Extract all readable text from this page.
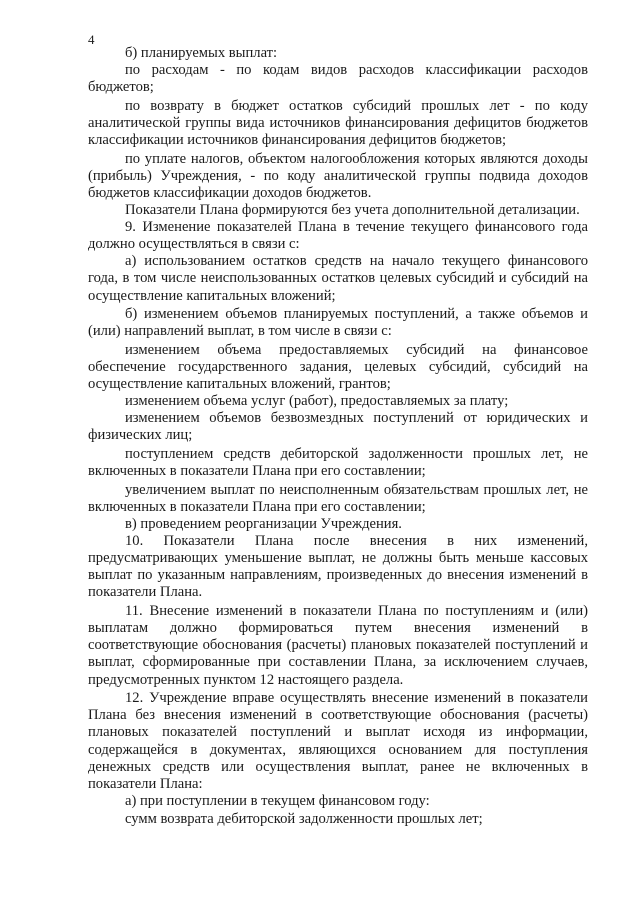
4

б) планируемых выплат:

по расходам - по кодам видов расходов классификации расходов бюджетов;

по возврату в бюджет остатков субсидий прошлых лет - по коду аналитической группы вида источников финансирования дефицитов бюджетов классификации источников финансирования дефицитов бюджетов;

по уплате налогов, объектом налогообложения которых являются доходы (прибыль) Учреждения, - по коду аналитической группы подвида доходов бюджетов классификации доходов бюджетов.

Показатели Плана формируются без учета дополнительной детализации.

9. Изменение показателей Плана в течение текущего финансового года должно осуществляться в связи с:

а) использованием остатков средств на начало текущего финансового года, в том числе неиспользованных остатков целевых субсидий и субсидий на осуществление капитальных вложений;

б) изменением объемов планируемых поступлений, а также объемов и (или) направлений выплат, в том числе в связи с:

изменением объема предоставляемых субсидий на финансовое обеспечение государственного задания, целевых субсидий, субсидий на осуществление капитальных вложений, грантов;

изменением объема услуг (работ), предоставляемых за плату;

изменением объемов безвозмездных поступлений от юридических и физических лиц;

поступлением средств дебиторской задолженности прошлых лет, не включенных в показатели Плана при его составлении;

увеличением выплат по неисполненным обязательствам прошлых лет, не включенных в показатели Плана при его составлении;

в) проведением реорганизации Учреждения.

10. Показатели Плана после внесения в них изменений, предусматривающих уменьшение выплат, не должны быть меньше кассовых выплат по указанным направлениям, произведенных до внесения изменений в показатели Плана.

11. Внесение изменений в показатели Плана по поступлениям и (или) выплатам должно формироваться путем внесения изменений в соответствующие обоснования (расчеты) плановых показателей поступлений и выплат, сформированные при составлении Плана, за исключением случаев, предусмотренных пунктом 12 настоящего раздела.

12. Учреждение вправе осуществлять внесение изменений в показатели Плана без внесения изменений в соответствующие обоснования (расчеты) плановых показателей поступлений и выплат исходя из информации, содержащейся в документах, являющихся основанием для поступления денежных средств или осуществления выплат, ранее не включенных в показатели Плана:

а) при поступлении в текущем финансовом году:

сумм возврата дебиторской задолженности прошлых лет;
